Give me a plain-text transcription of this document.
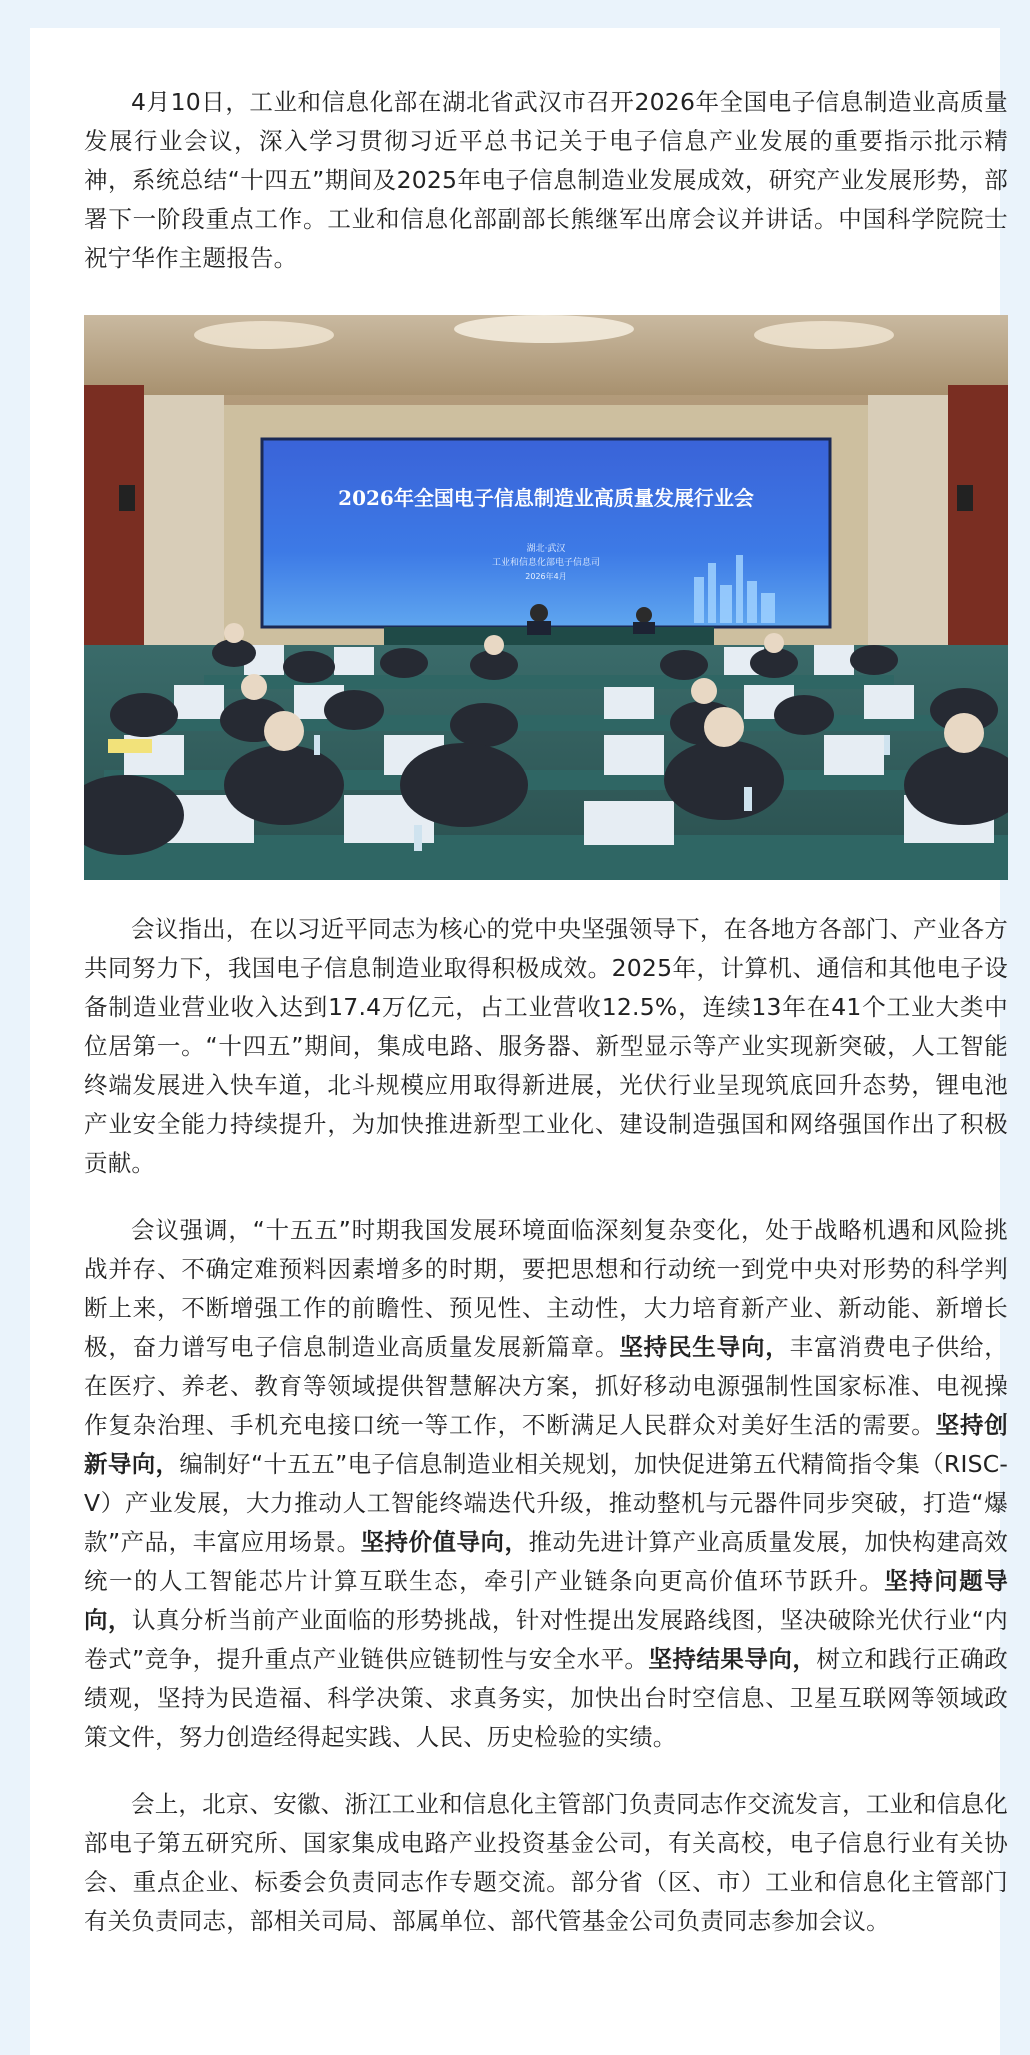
4月10日，工业和信息化部在湖北省武汉市召开2026年全国电子信息制造业高质量发展行业会议，深入学习贯彻习近平总书记关于电子信息产业发展的重要指示批示精神，系统总结“十四五”期间及2025年电子信息制造业发展成效，研究产业发展形势，部署下一阶段重点工作。工业和信息化部副部长熊继军出席会议并讲话。中国科学院院士祝宁华作主题报告。

2026年全国电子信息制造业高质量发展行业会
湖北·武汉
工业和信息化部电子信息司
2026年4月

会议指出，在以习近平同志为核心的党中央坚强领导下，在各地方各部门、产业各方共同努力下，我国电子信息制造业取得积极成效。2025年，计算机、通信和其他电子设备制造业营业收入达到17.4万亿元，占工业营收12.5%，连续13年在41个工业大类中位居第一。“十四五”期间，集成电路、服务器、新型显示等产业实现新突破，人工智能终端发展进入快车道，北斗规模应用取得新进展，光伏行业呈现筑底回升态势，锂电池产业安全能力持续提升，为加快推进新型工业化、建设制造强国和网络强国作出了积极贡献。

会议强调，“十五五”时期我国发展环境面临深刻复杂变化，处于战略机遇和风险挑战并存、不确定难预料因素增多的时期，要把思想和行动统一到党中央对形势的科学判断上来，不断增强工作的前瞻性、预见性、主动性，大力培育新产业、新动能、新增长极，奋力谱写电子信息制造业高质量发展新篇章。坚持民生导向，丰富消费电子供给，在医疗、养老、教育等领域提供智慧解决方案，抓好移动电源强制性国家标准、电视操作复杂治理、手机充电接口统一等工作，不断满足人民群众对美好生活的需要。坚持创新导向，编制好“十五五”电子信息制造业相关规划，加快促进第五代精简指令集（RISC-V）产业发展，大力推动人工智能终端迭代升级，推动整机与元器件同步突破，打造“爆款”产品，丰富应用场景。坚持价值导向，推动先进计算产业高质量发展，加快构建高效统一的人工智能芯片计算互联生态，牵引产业链条向更高价值环节跃升。坚持问题导向，认真分析当前产业面临的形势挑战，针对性提出发展路线图，坚决破除光伏行业“内卷式”竞争，提升重点产业链供应链韧性与安全水平。坚持结果导向，树立和践行正确政绩观，坚持为民造福、科学决策、求真务实，加快出台时空信息、卫星互联网等领域政策文件，努力创造经得起实践、人民、历史检验的实绩。

会上，北京、安徽、浙江工业和信息化主管部门负责同志作交流发言，工业和信息化部电子第五研究所、国家集成电路产业投资基金公司，有关高校，电子信息行业有关协会、重点企业、标委会负责同志作专题交流。部分省（区、市）工业和信息化主管部门有关负责同志，部相关司局、部属单位、部代管基金公司负责同志参加会议。
